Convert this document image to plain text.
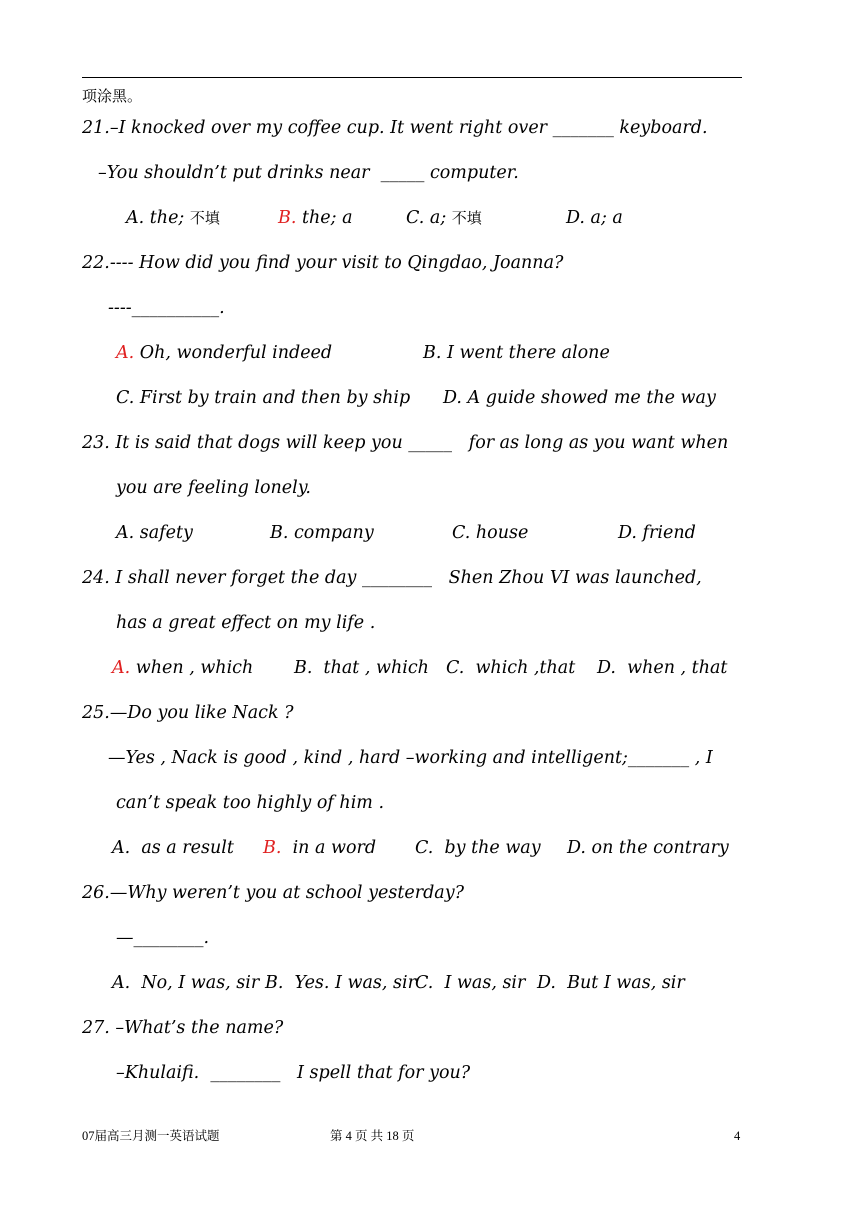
项涂黑。
21.–I knocked over my coffee cup. It went right over _______ keyboard.
–You shouldn’t put drinks near  _____ computer.
A. the; 不填	B. the; a	C. a; 不填	D. a; a
22.---- How did you find your visit to Qingdao, Joanna?
----__________.
A. Oh, wonderful indeed	B. I went there alone
C. First by train and then by ship D. A guide showed me the way
23. It is said that dogs will keep you _____   for as long as you want when
you are feeling lonely.
A. safety	B. company	C. house	D. friend
24. I shall never forget the day ________   Shen Zhou VI was launched,
has a great effect on my life .
A. when , which B.  that , which C.  which ,that D.  when , that
25.—Do you like Nack ?
—Yes , Nack is good , kind , hard –working and intelligent;_______ , I
can’t speak too highly of him .
A.  as a result B.  in a word C.  by the way D. on the contrary
26.—Why weren’t you at school yesterday?
—________.
A.  No, I was, sir B.  Yes. I was, sir C.  I was, sir D.  But I was, sir
27. –What’s the name?
–Khulaifi.  ________   I spell that for you?
07届高三月测一英语试题	第 4 页 共 18 页	4
